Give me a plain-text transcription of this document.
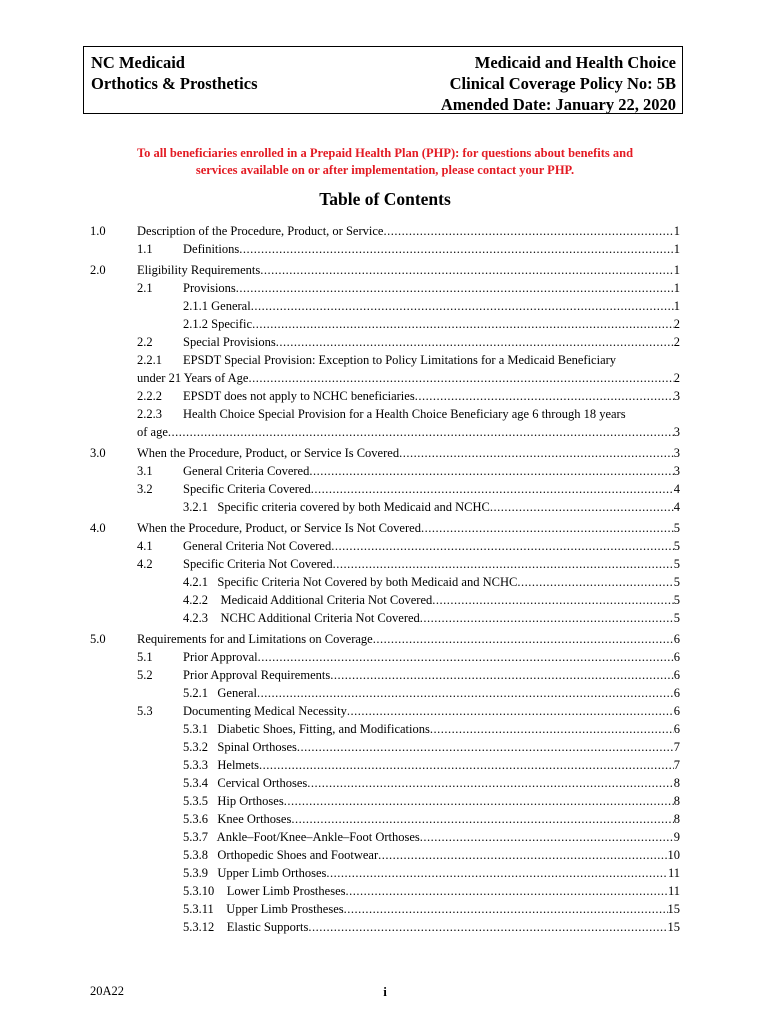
NC Medicaid
Orthotics & Prosthetics
Medicaid and Health Choice
Clinical Coverage Policy No: 5B
Amended Date: January 22, 2020
To all beneficiaries enrolled in a Prepaid Health Plan (PHP): for questions about benefits and
services available on or after implementation, please contact your PHP.
Table of Contents
1.0	Description of the Procedure, Product, or Service .....	1
1.1	Definitions .....	1
2.0	Eligibility Requirements .....	1
2.1	Provisions .....	1
2.1.1 General .....	1
2.1.2 Specific .....	2
2.2	Special Provisions .....	2
2.2.1 EPSDT Special Provision: Exception to Policy Limitations for a Medicaid Beneficiary
under 21 Years of Age .....	2
2.2.2	EPSDT does not apply to NCHC beneficiaries .....	3
2.2.3 Health Choice Special Provision for a Health Choice Beneficiary age 6 through 18 years
of age .....	3
3.0	When the Procedure, Product, or Service Is Covered .....	3
3.1	General Criteria Covered .....	3
3.2	Specific Criteria Covered .....	4
3.2.1   Specific criteria covered by both Medicaid and NCHC .....	4
4.0	When the Procedure, Product, or Service Is Not Covered .....	5
4.1	General Criteria Not Covered .....	5
4.2	Specific Criteria Not Covered .....	5
4.2.1   Specific Criteria Not Covered by both Medicaid and NCHC .....	5
4.2.2    Medicaid Additional Criteria Not Covered .....	5
4.2.3    NCHC Additional Criteria Not Covered .....	5
5.0	Requirements for and Limitations on Coverage .....	6
5.1	Prior Approval .....	6
5.2	Prior Approval Requirements .....	6
5.2.1   General .....	6
5.3	Documenting Medical Necessity .....	6
5.3.1   Diabetic Shoes, Fitting, and Modifications .....	6
5.3.2   Spinal Orthoses .....	7
5.3.3   Helmets .....	7
5.3.4   Cervical Orthoses .....	8
5.3.5   Hip Orthoses .....	8
5.3.6   Knee Orthoses .....	8
5.3.7   Ankle–Foot/Knee–Ankle–Foot Orthoses .....	9
5.3.8   Orthopedic Shoes and Footwear .....	10
5.3.9   Upper Limb Orthoses .....	11
5.3.10    Lower Limb Prostheses .....	11
5.3.11    Upper Limb Prostheses .....	15
5.3.12    Elastic Supports .....	15
20A22	i
